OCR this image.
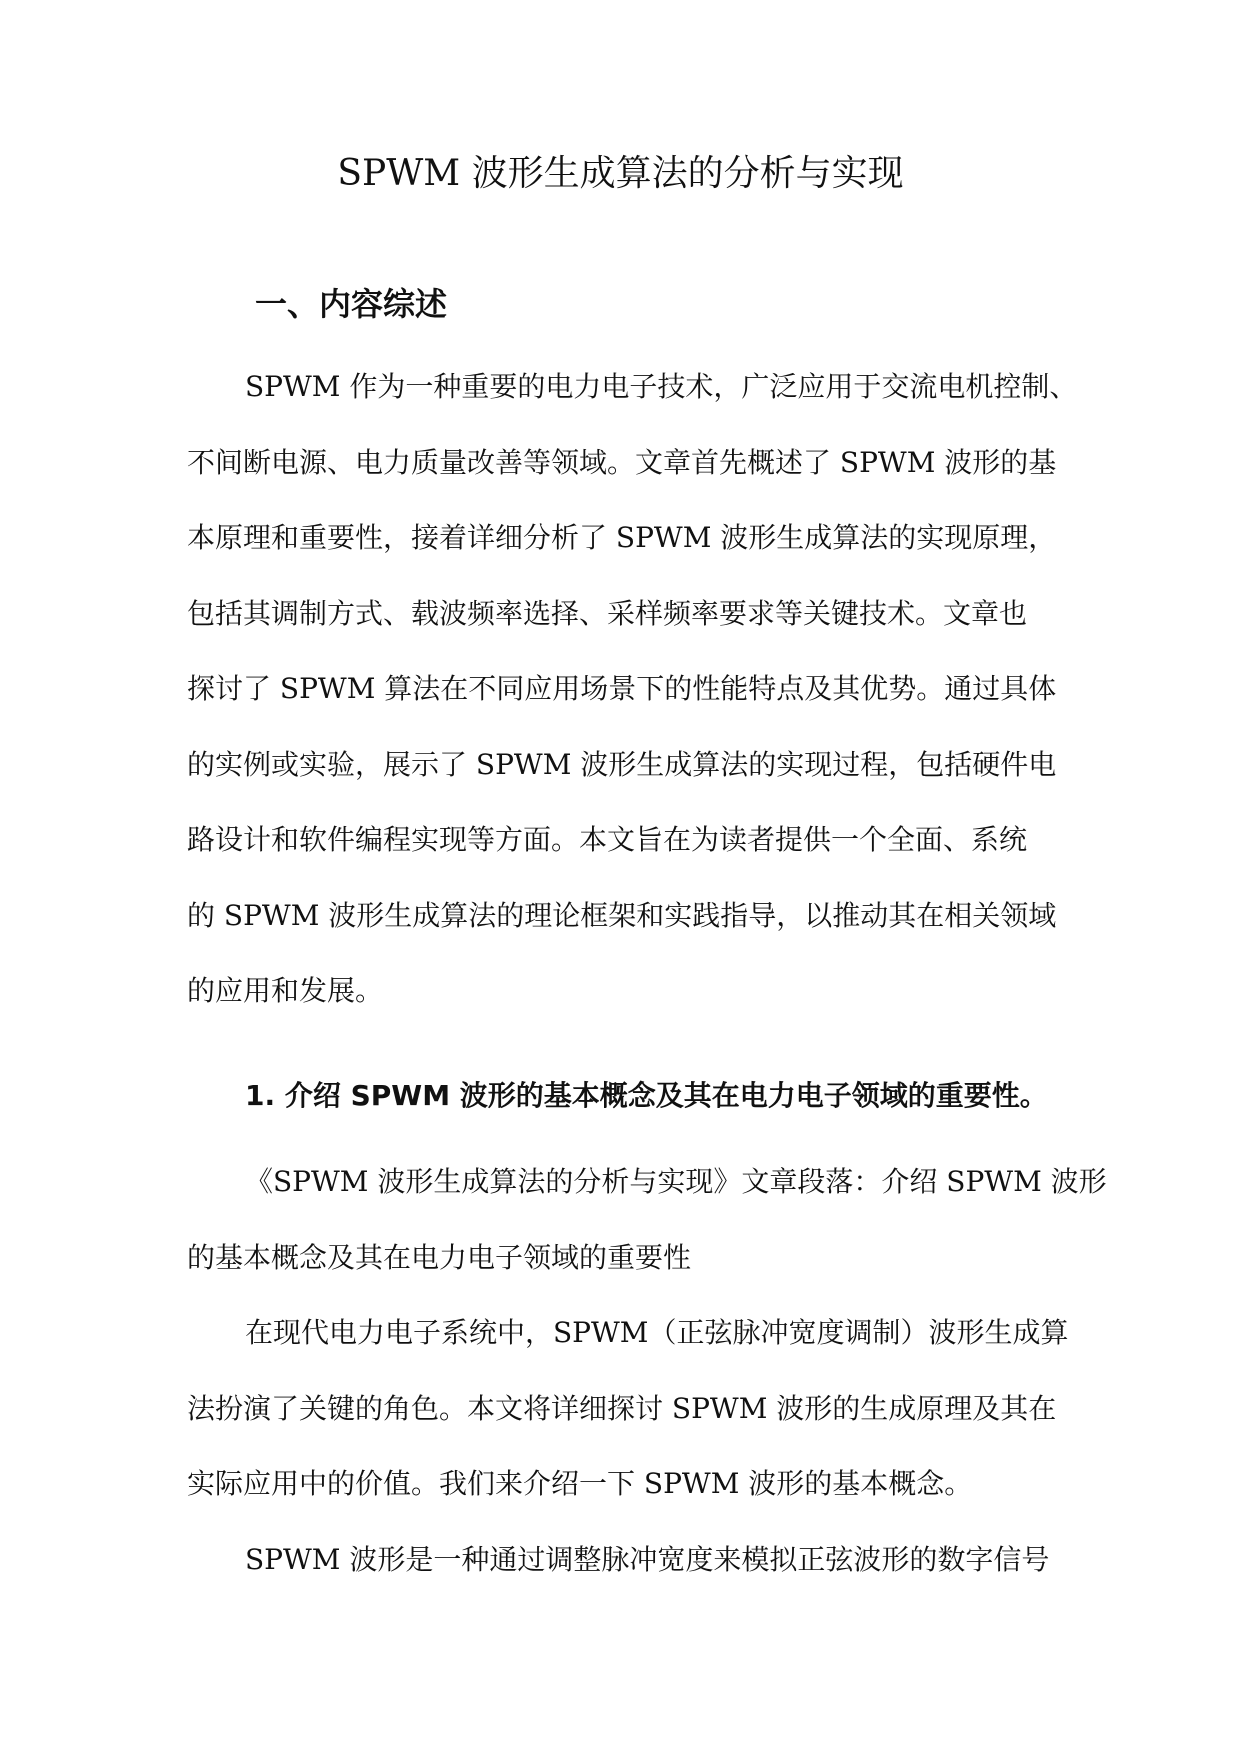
SPWM 波形生成算法的分析与实现
一、内容综述

SPWM 作为一种重要的电力电子技术，广泛应用于交流电机控制、

不间断电源、电力质量改善等领域。文章首先概述了 SPWM 波形的基

本原理和重要性，接着详细分析了 SPWM 波形生成算法的实现原理，

包括其调制方式、载波频率选择、采样频率要求等关键技术。文章也

探讨了 SPWM 算法在不同应用场景下的性能特点及其优势。通过具体

的实例或实验，展示了 SPWM 波形生成算法的实现过程，包括硬件电

路设计和软件编程实现等方面。本文旨在为读者提供一个全面、系统

的 SPWM 波形生成算法的理论框架和实践指导，以推动其在相关领域

的应用和发展。

1. 介绍 SPWM 波形的基本概念及其在电力电子领域的重要性。

《SPWM 波形生成算法的分析与实现》文章段落：介绍 SPWM 波形

的基本概念及其在电力电子领域的重要性

在现代电力电子系统中，SPWM（正弦脉冲宽度调制）波形生成算

法扮演了关键的角色。本文将详细探讨 SPWM 波形的生成原理及其在

实际应用中的价值。我们来介绍一下 SPWM 波形的基本概念。

SPWM 波形是一种通过调整脉冲宽度来模拟正弦波形的数字信号
